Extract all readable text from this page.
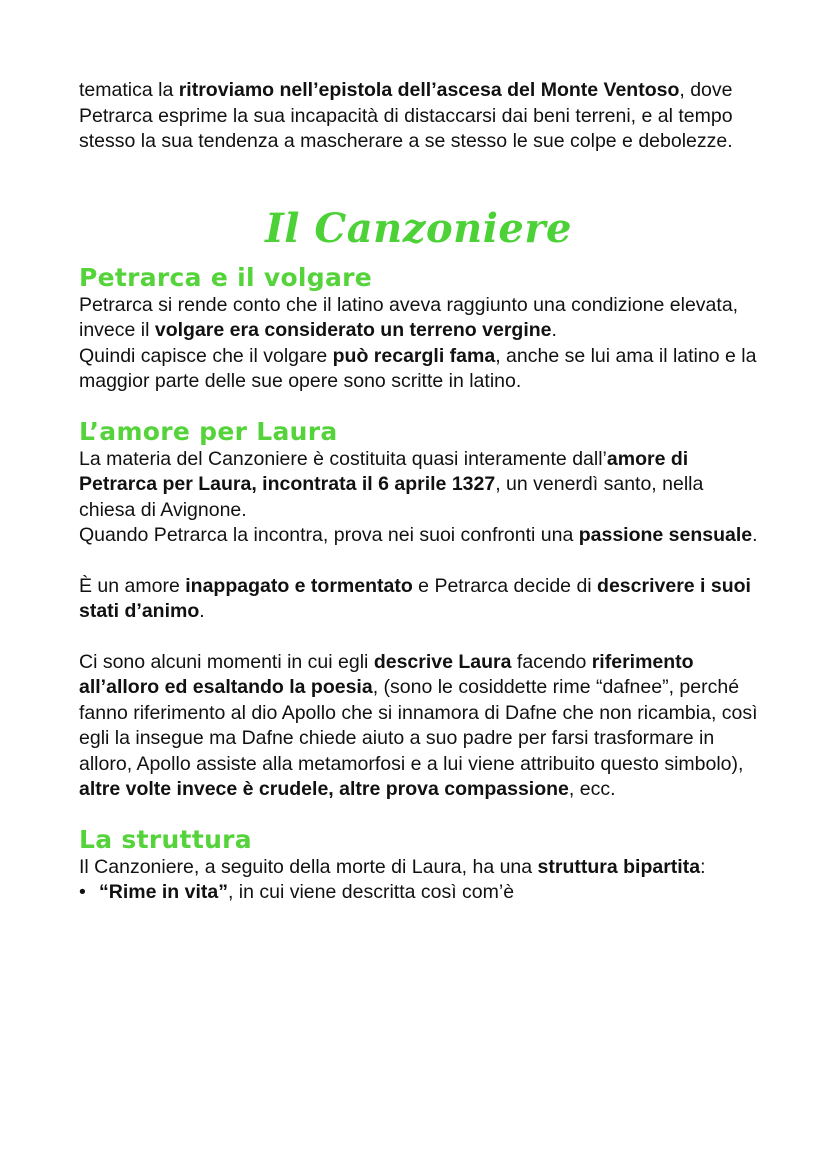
tematica la ritroviamo nell’epistola dell’ascesa del Monte Ventoso, dove Petrarca esprime la sua incapacità di distaccarsi dai beni terreni, e al tempo stesso la sua tendenza a mascherare a se stesso le sue colpe e debolezze.

Il Canzoniere
Petrarca e il volgare

Petrarca si rende conto che il latino aveva raggiunto una condizione elevata, invece il volgare era considerato un terreno vergine.

Quindi capisce che il volgare può recargli fama, anche se lui ama il latino e la maggior parte delle sue opere sono scritte in latino.

L’amore per Laura

La materia del Canzoniere è costituita quasi interamente dall’amore di Petrarca per Laura, incontrata il 6 aprile 1327, un venerdì santo, nella chiesa di Avignone.

Quando Petrarca la incontra, prova nei suoi confronti una passione sensuale.

È un amore inappagato e tormentato e Petrarca decide di descrivere i suoi stati d’animo.

Ci sono alcuni momenti in cui egli descrive Laura facendo riferimento all’alloro ed esaltando la poesia, (sono le cosiddette rime “dafnee”, perché fanno riferimento al dio Apollo che si innamora di Dafne che non ricambia, così egli la insegue ma Dafne chiede aiuto a suo padre per farsi trasformare in alloro, Apollo assiste alla metamorfosi e a lui viene attribuito questo simbolo), altre volte invece è crudele, altre prova compassione, ecc.

La struttura

Il Canzoniere, a seguito della morte di Laura, ha una struttura bipartita:

• “Rime in vita”, in cui viene descritta così com’è
